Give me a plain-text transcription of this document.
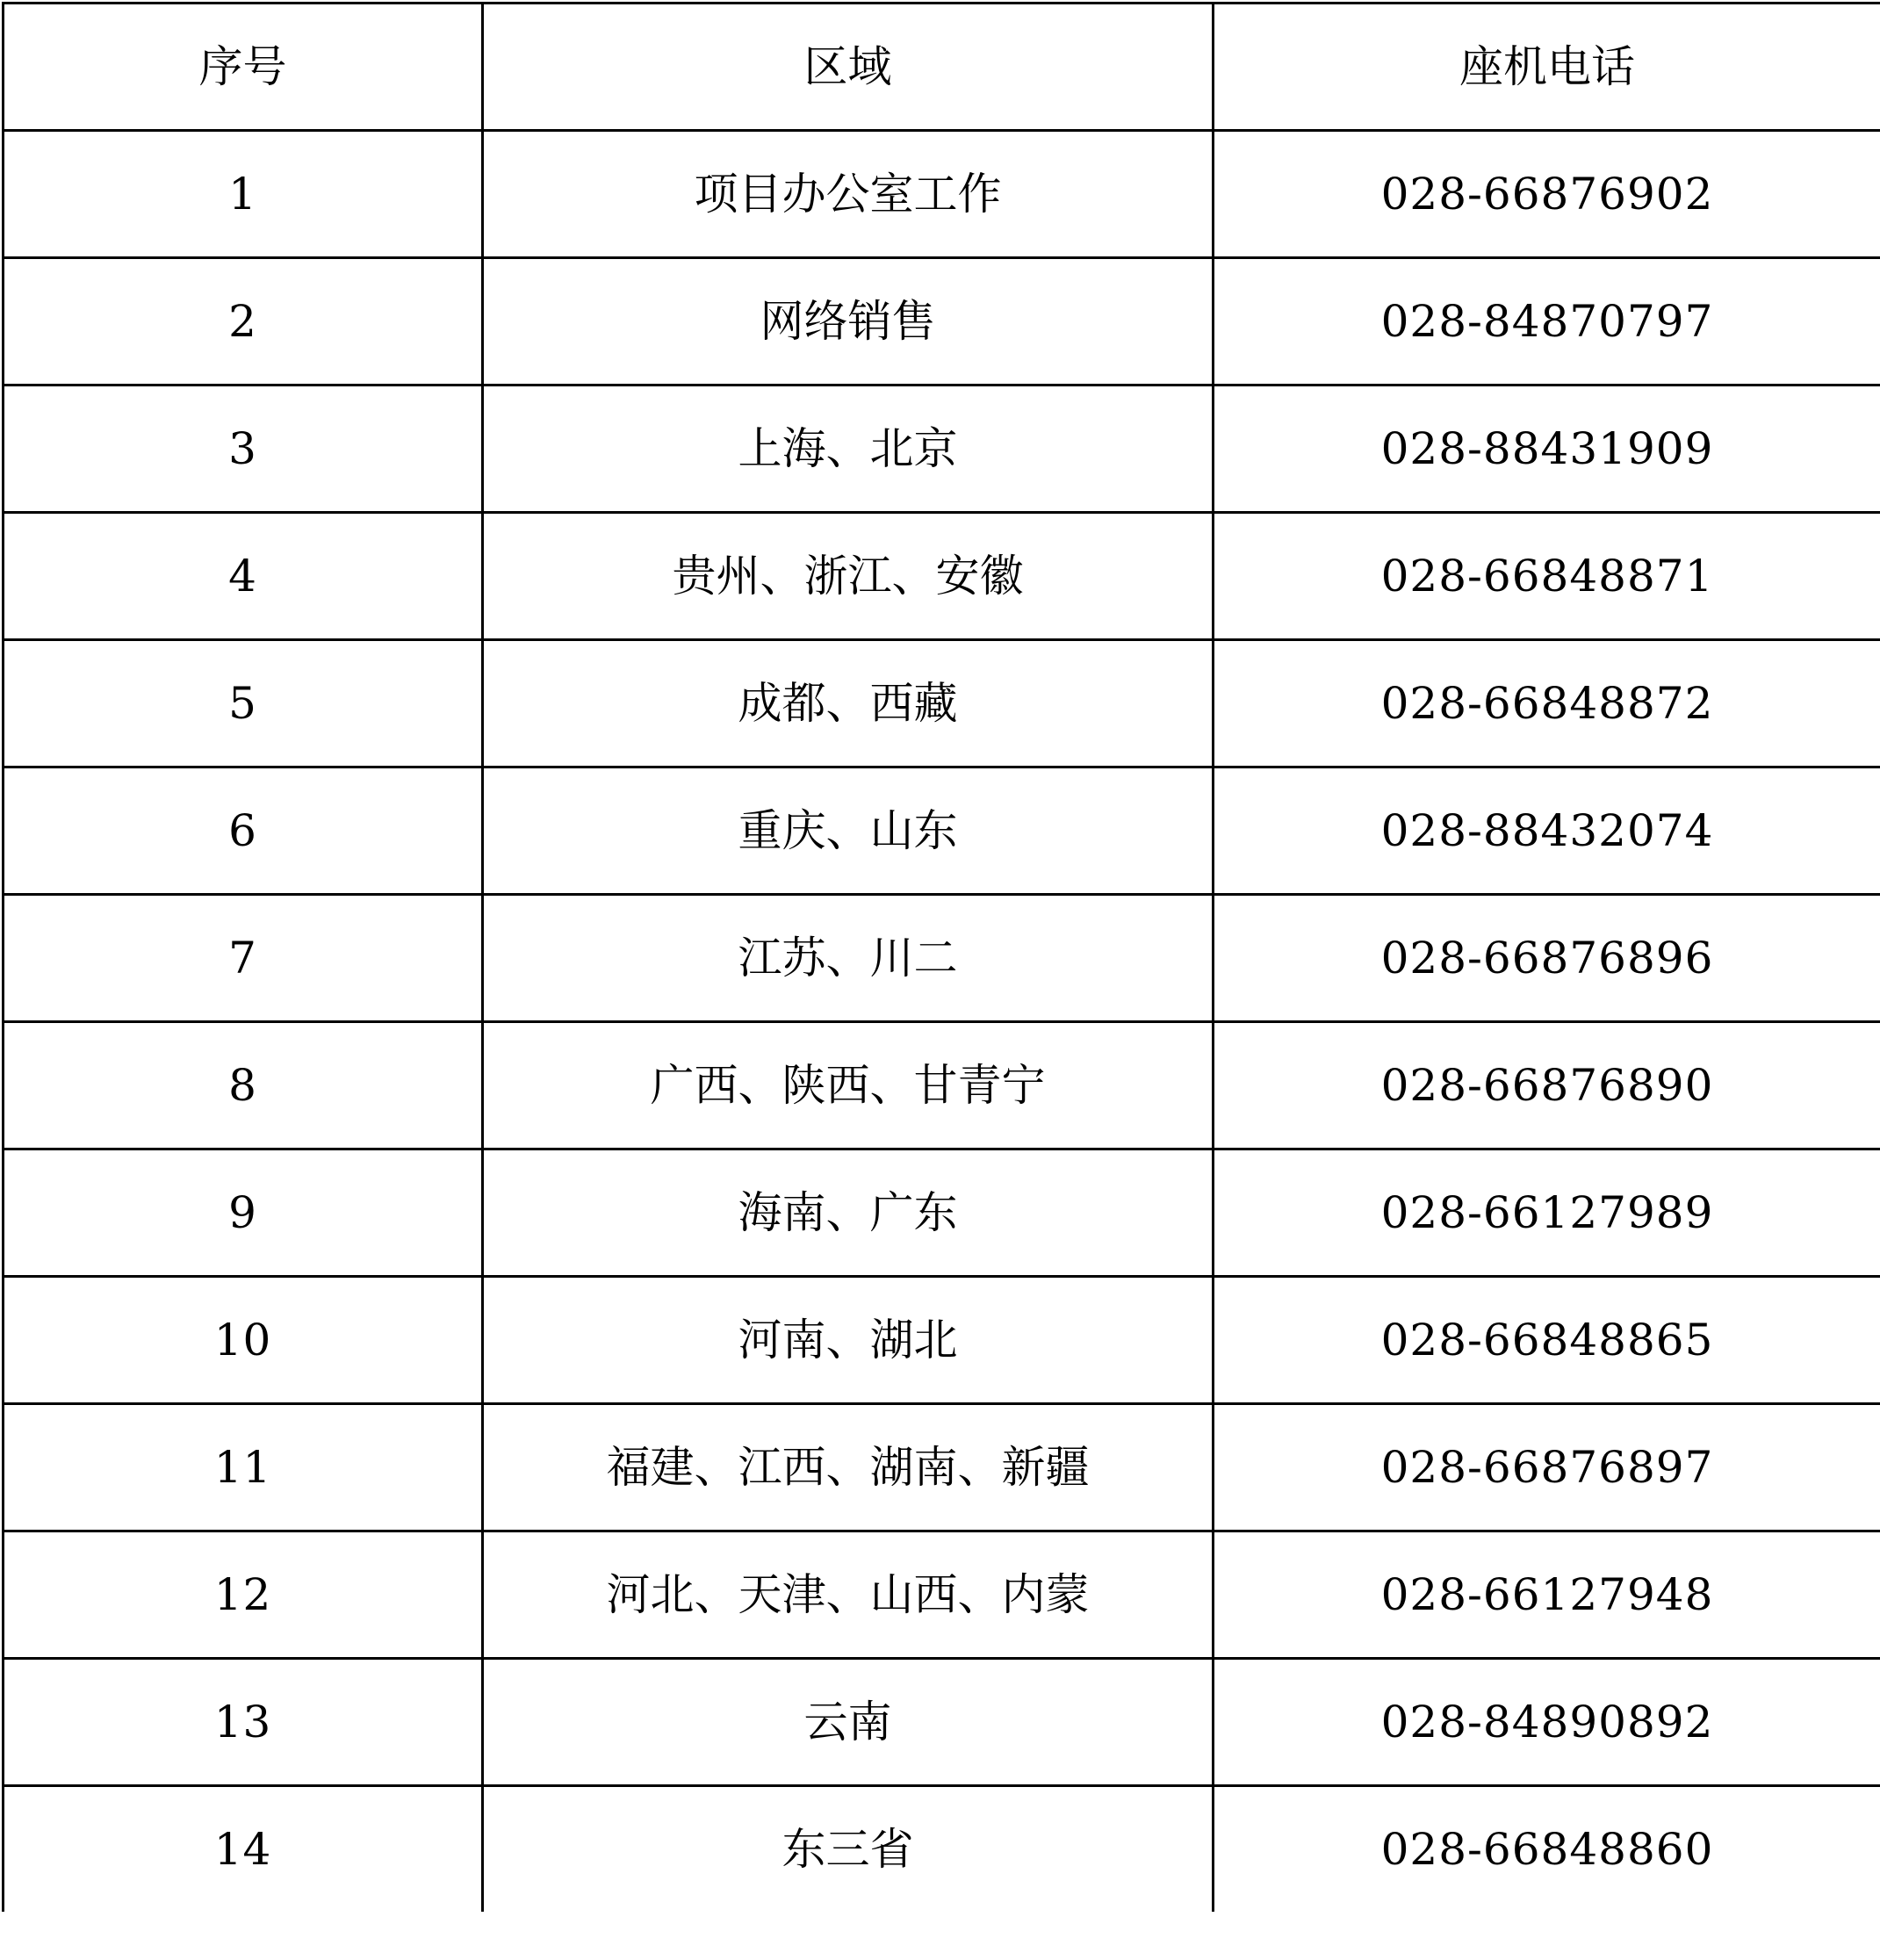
序号	区域	座机电话
1	项目办公室工作	028-66876902
2	网络销售	028-84870797
3	上海、北京	028-88431909
4	贵州、浙江、安徽	028-66848871
5	成都、西藏	028-66848872
6	重庆、山东	028-88432074
7	江苏、川二	028-66876896
8	广西、陕西、甘青宁	028-66876890
9	海南、广东	028-66127989
10	河南、湖北	028-66848865
11	福建、江西、湖南、新疆	028-66876897
12	河北、天津、山西、内蒙	028-66127948
13	云南	028-84890892
14	东三省	028-66848860
